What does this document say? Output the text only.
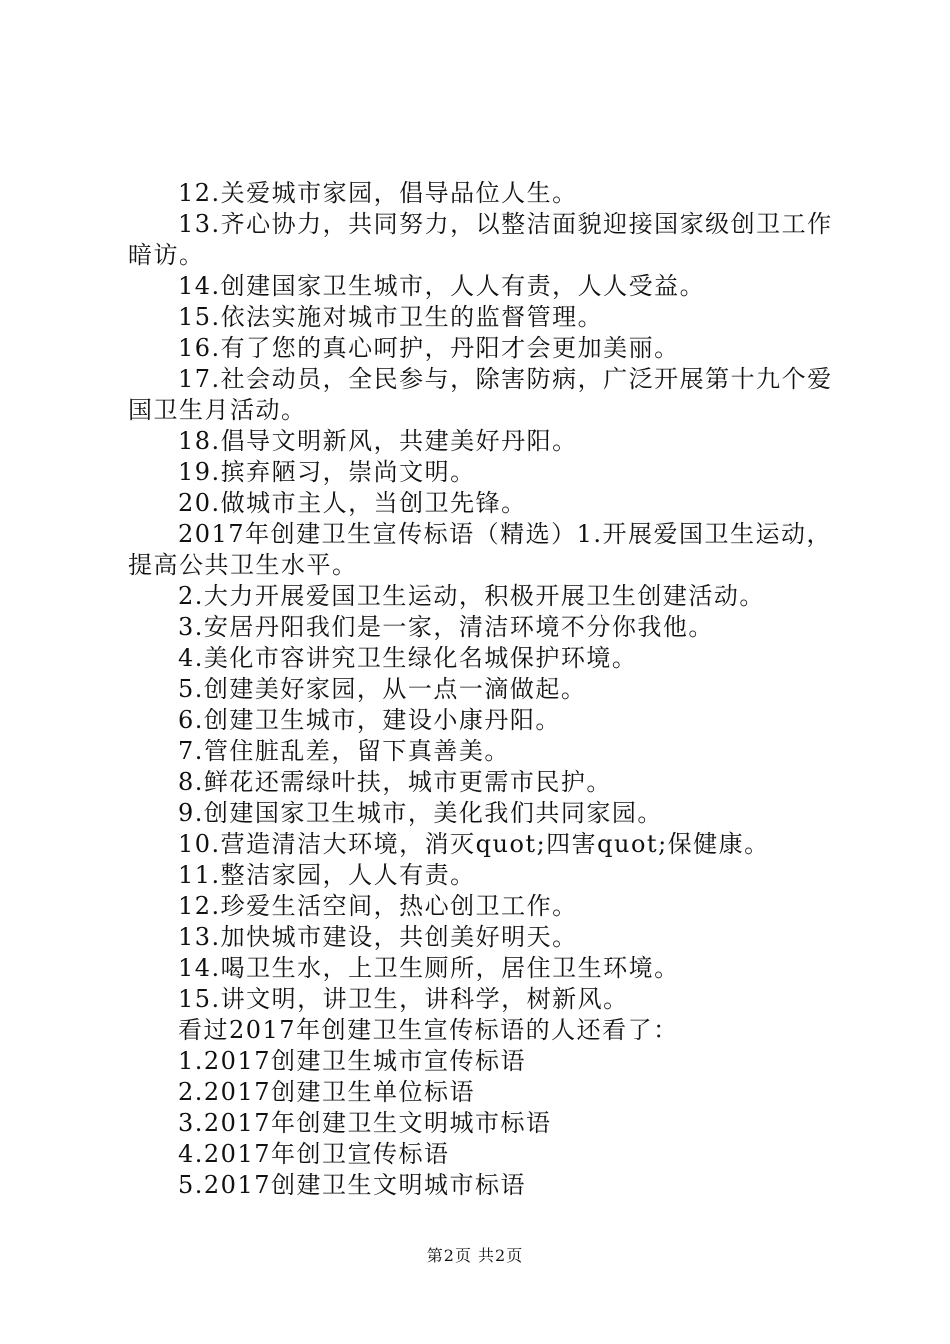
12.关爱城市家园，倡导品位人生。

13.齐心协力，共同努力，以整洁面貌迎接国家级创卫工作暗访。

14.创建国家卫生城市，人人有责，人人受益。

15.依法实施对城市卫生的监督管理。

16.有了您的真心呵护，丹阳才会更加美丽。

17.社会动员，全民参与，除害防病，广泛开展第十九个爱国卫生月活动。

18.倡导文明新风，共建美好丹阳。

19.摈弃陋习，崇尚文明。

20.做城市主人，当创卫先锋。

2017年创建卫生宣传标语（精选）1.开展爱国卫生运动，提高公共卫生水平。

2.大力开展爱国卫生运动，积极开展卫生创建活动。

3.安居丹阳我们是一家，清洁环境不分你我他。

4.美化市容讲究卫生绿化名城保护环境。

5.创建美好家园，从一点一滴做起。

6.创建卫生城市，建设小康丹阳。

7.管住脏乱差，留下真善美。

8.鲜花还需绿叶扶，城市更需市民护。

9.创建国家卫生城市，美化我们共同家园。

10.营造清洁大环境，消灭quot;四害quot;保健康。

11.整洁家园，人人有责。

12.珍爱生活空间，热心创卫工作。

13.加快城市建设，共创美好明天。

14.喝卫生水，上卫生厕所，居住卫生环境。

15.讲文明，讲卫生，讲科学，树新风。

看过2017年创建卫生宣传标语的人还看了：

1.2017创建卫生城市宣传标语

2.2017创建卫生单位标语

3.2017年创建卫生文明城市标语

4.2017年创卫宣传标语

5.2017创建卫生文明城市标语

第2页 共2页
